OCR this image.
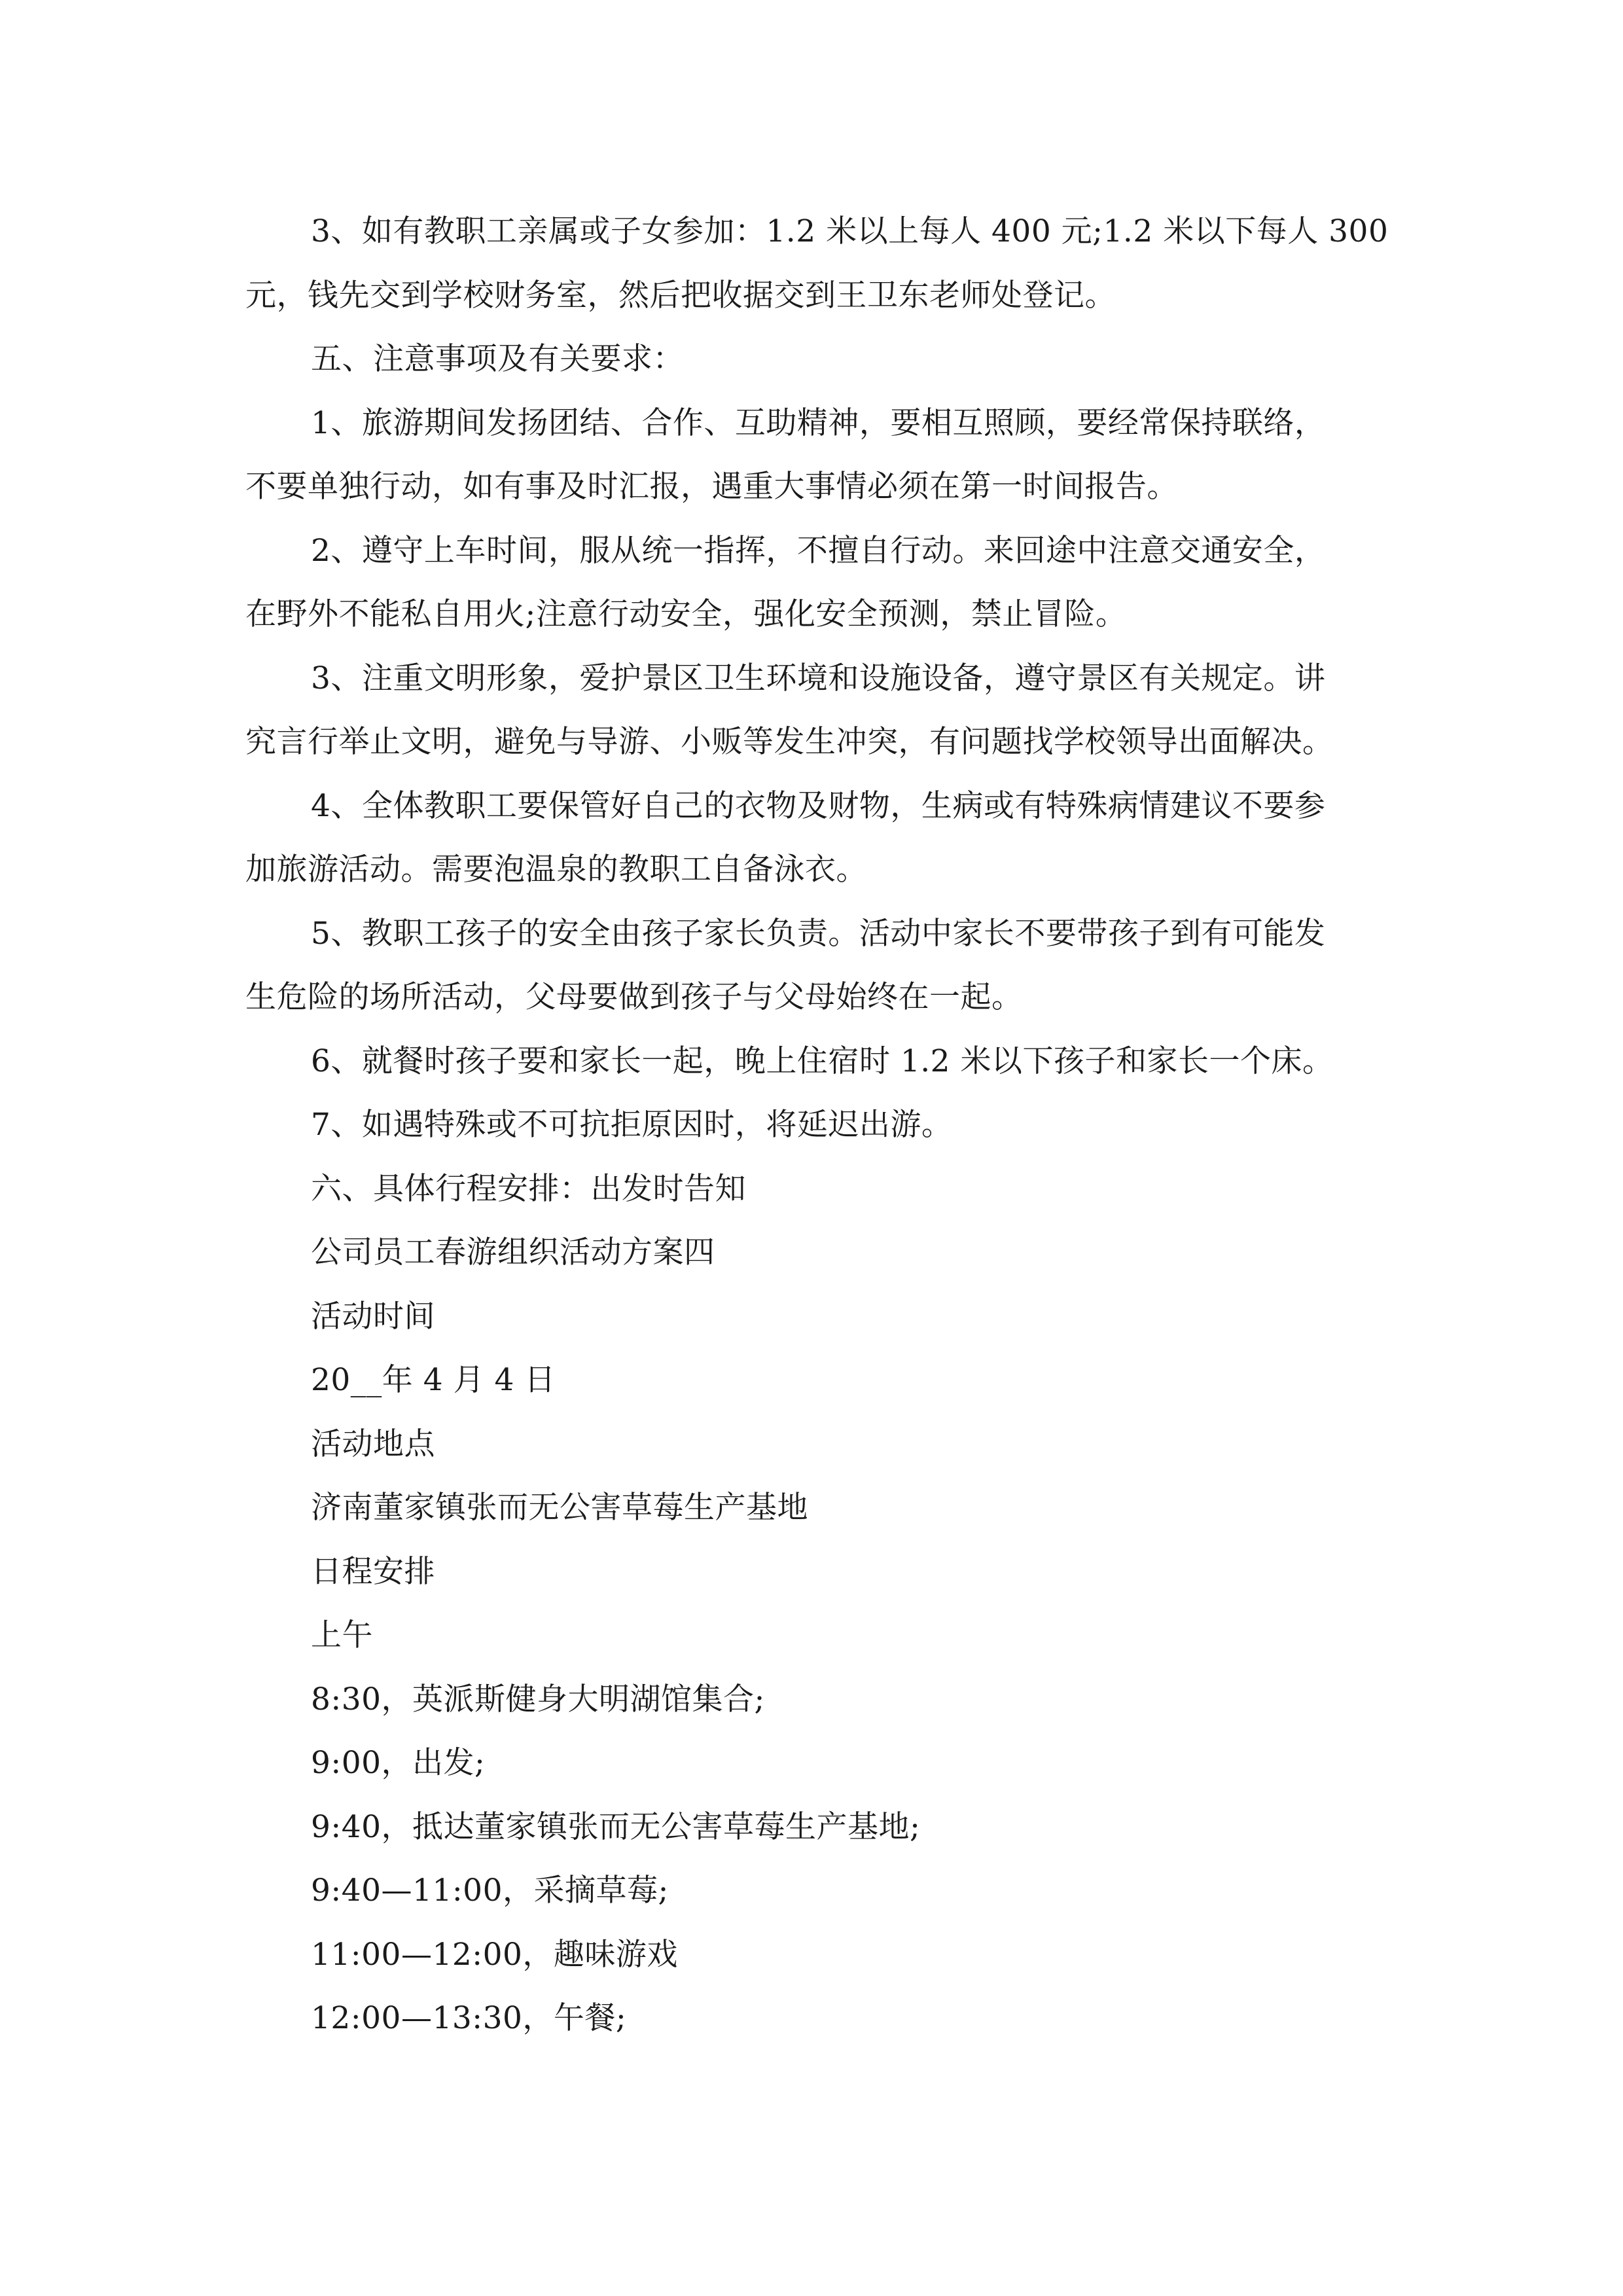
3、如有教职工亲属或子女参加：1.2 米以上每人 400 元;1.2 米以下每人 300

元，钱先交到学校财务室，然后把收据交到王卫东老师处登记。

五、注意事项及有关要求：

1、旅游期间发扬团结、合作、互助精神，要相互照顾，要经常保持联络，

不要单独行动，如有事及时汇报，遇重大事情必须在第一时间报告。

2、遵守上车时间，服从统一指挥，不擅自行动。来回途中注意交通安全，

在野外不能私自用火;注意行动安全，强化安全预测，禁止冒险。

3、注重文明形象，爱护景区卫生环境和设施设备，遵守景区有关规定。讲

究言行举止文明，避免与导游、小贩等发生冲突，有问题找学校领导出面解决。

4、全体教职工要保管好自己的衣物及财物，生病或有特殊病情建议不要参

加旅游活动。需要泡温泉的教职工自备泳衣。

5、教职工孩子的安全由孩子家长负责。活动中家长不要带孩子到有可能发

生危险的场所活动，父母要做到孩子与父母始终在一起。

6、就餐时孩子要和家长一起，晚上住宿时 1.2 米以下孩子和家长一个床。

7、如遇特殊或不可抗拒原因时，将延迟出游。

六、具体行程安排：出发时告知

公司员工春游组织活动方案四

活动时间

20__年 4 月 4 日

活动地点

济南董家镇张而无公害草莓生产基地

日程安排

上午

8:30，英派斯健身大明湖馆集合;

9:00，出发;

9:40，抵达董家镇张而无公害草莓生产基地;

9:40—11:00，采摘草莓;

11:00—12:00，趣味游戏

12:00—13:30，午餐;
